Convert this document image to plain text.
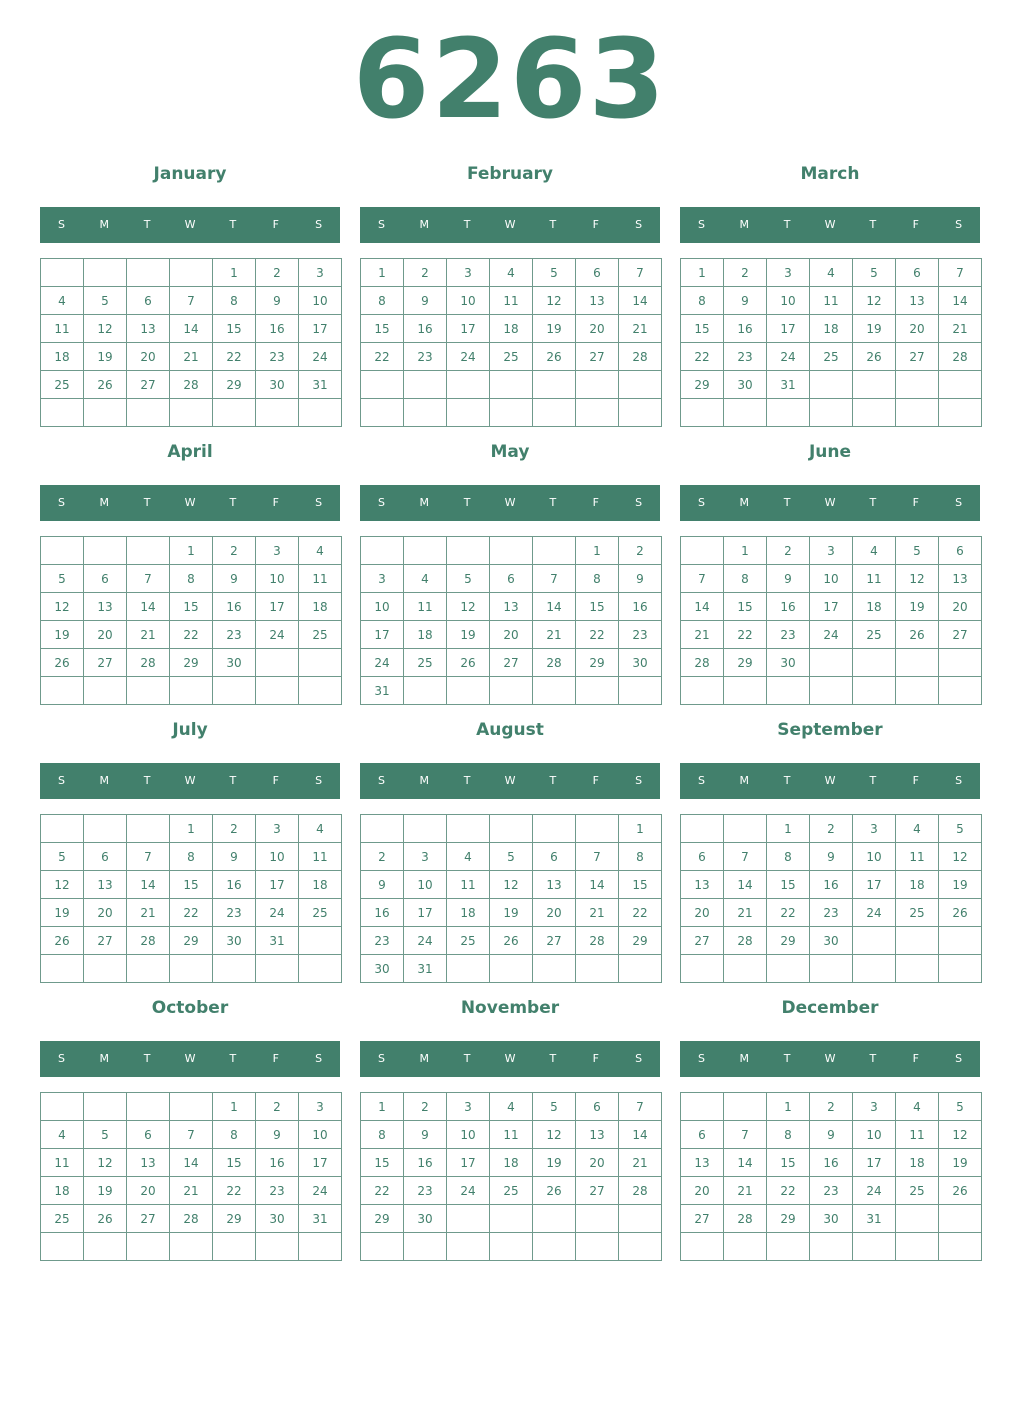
6263
January
S	M	T	W	T	F	S
				1	2	3
4	5	6	7	8	9	10
11	12	13	14	15	16	17
18	19	20	21	22	23	24
25	26	27	28	29	30	31

February
S	M	T	W	T	F	S
1	2	3	4	5	6	7
8	9	10	11	12	13	14
15	16	17	18	19	20	21
22	23	24	25	26	27	28

March
S	M	T	W	T	F	S
1	2	3	4	5	6	7
8	9	10	11	12	13	14
15	16	17	18	19	20	21
22	23	24	25	26	27	28
29	30	31				

April
S	M	T	W	T	F	S
			1	2	3	4
5	6	7	8	9	10	11
12	13	14	15	16	17	18
19	20	21	22	23	24	25
26	27	28	29	30		

May
S	M	T	W	T	F	S
					1	2
3	4	5	6	7	8	9
10	11	12	13	14	15	16
17	18	19	20	21	22	23
24	25	26	27	28	29	30
31						
June
S	M	T	W	T	F	S
	1	2	3	4	5	6
7	8	9	10	11	12	13
14	15	16	17	18	19	20
21	22	23	24	25	26	27
28	29	30				

July
S	M	T	W	T	F	S
			1	2	3	4
5	6	7	8	9	10	11
12	13	14	15	16	17	18
19	20	21	22	23	24	25
26	27	28	29	30	31	

August
S	M	T	W	T	F	S
						1
2	3	4	5	6	7	8
9	10	11	12	13	14	15
16	17	18	19	20	21	22
23	24	25	26	27	28	29
30	31					
September
S	M	T	W	T	F	S
		1	2	3	4	5
6	7	8	9	10	11	12
13	14	15	16	17	18	19
20	21	22	23	24	25	26
27	28	29	30			

October
S	M	T	W	T	F	S
				1	2	3
4	5	6	7	8	9	10
11	12	13	14	15	16	17
18	19	20	21	22	23	24
25	26	27	28	29	30	31

November
S	M	T	W	T	F	S
1	2	3	4	5	6	7
8	9	10	11	12	13	14
15	16	17	18	19	20	21
22	23	24	25	26	27	28
29	30					

December
S	M	T	W	T	F	S
		1	2	3	4	5
6	7	8	9	10	11	12
13	14	15	16	17	18	19
20	21	22	23	24	25	26
27	28	29	30	31		
